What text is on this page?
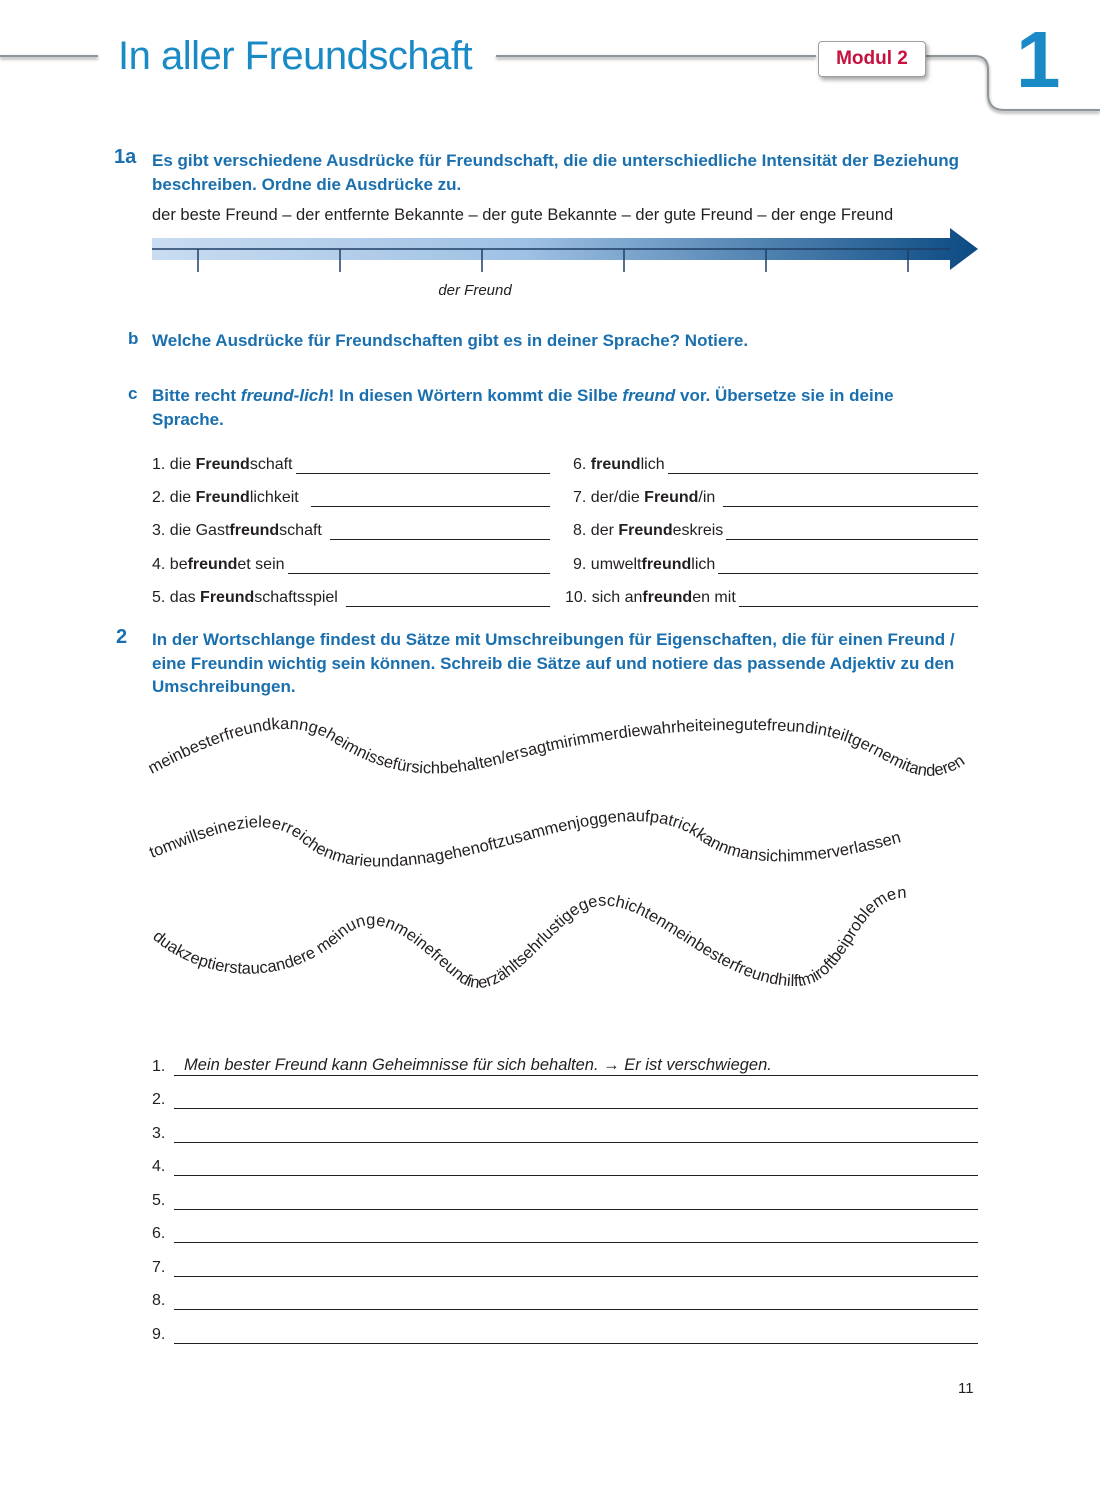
In aller Freundschaft	Modul 2 1
1a Es gibt verschiedene Ausdrücke für Freundschaft, die die unterschiedliche Intensität der Beziehung beschreiben. Ordne die Ausdrücke zu.

der beste Freund – der entfernte Bekannte – der gute Bekannte – der gute Freund – der enge Freund
der Freund
b Welche Ausdrücke für Freundschaften gibt es in deiner Sprache? Notiere.

c Bitte recht freund-lich! In diesen Wörtern kommt die Silbe freund vor. Übersetze sie in deine Sprache.

1. die Freundschaft
2. die Freundlichkeit
3. die Gastfreundschaft
4. befreundet sein
5. das Freundschaftsspiel
6. freundlich
7. der/die Freund/in
8. der Freundeskreis
9. umweltfreundlich
10. sich anfreunden mit
2 In der Wortschlange findest du Sätze mit Umschreibungen für Eigenschaften, die für einen Freund / eine Freundin wichtig sein können. Schreib die Sätze auf und notiere das passende Adjektiv zu den Umschreibungen.

meinbesterfreundkanngeheimnissefürsichbehalten/ersagtmirimmerdiewahrheiteinegutefreundinteiltgernemitanderen
tomwillseinezieleerreichenmarieundannagehenoftzusammenjoggenaufpatrickkannmansichimmerverlassen
duakzeptierstaucandere meinungenmeinefreundinerzähltsehrlustigegeschichtenmeinbesterfreundhilftmiroftbeiproblemen
1.	Mein bester Freund kann Geheimnisse für sich behalten. → Er ist verschwiegen.
2.
3.
4.
5.
6.
7.
8.
9.
11
